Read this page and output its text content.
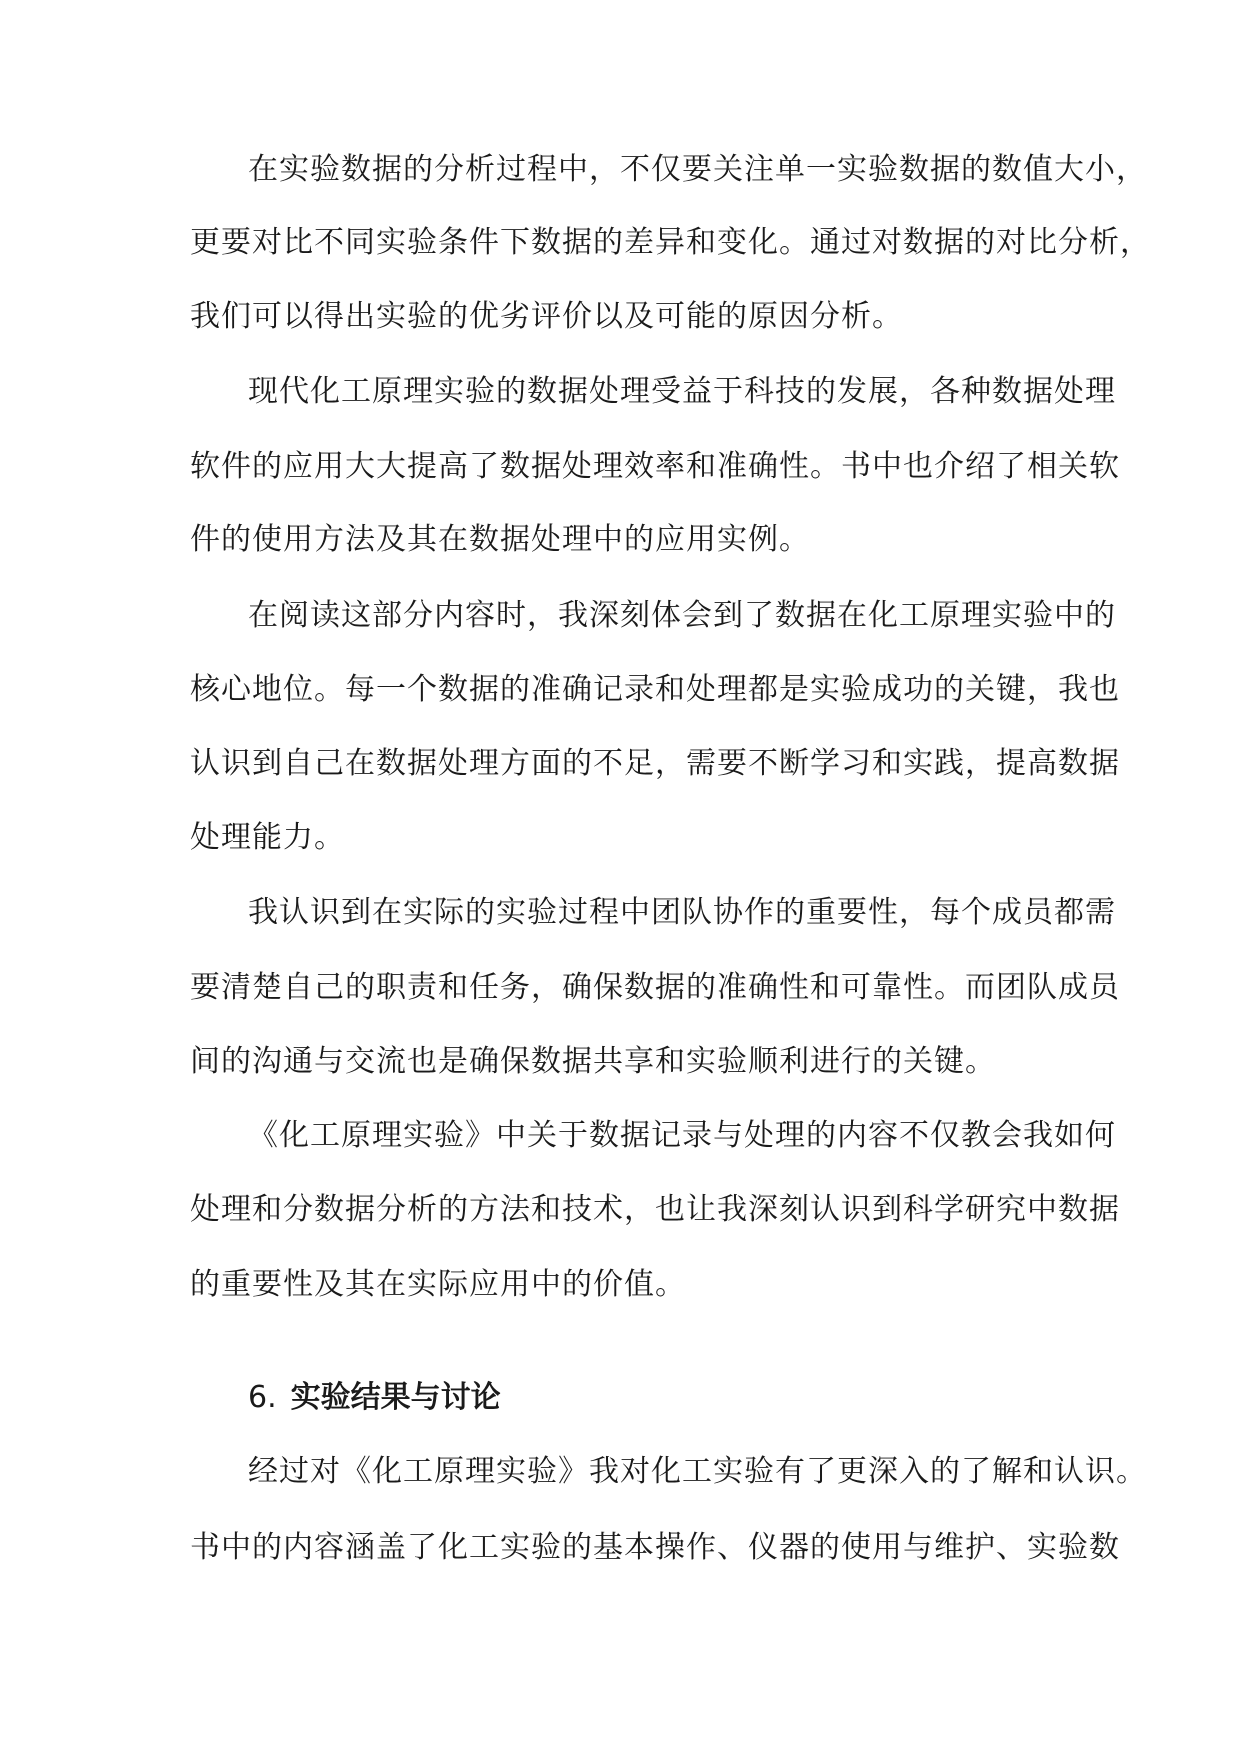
在实验数据的分析过程中，不仅要关注单一实验数据的数值大小，
更要对比不同实验条件下数据的差异和变化。通过对数据的对比分析，
我们可以得出实验的优劣评价以及可能的原因分析。
现代化工原理实验的数据处理受益于科技的发展，各种数据处理
软件的应用大大提高了数据处理效率和准确性。书中也介绍了相关软
件的使用方法及其在数据处理中的应用实例。
在阅读这部分内容时，我深刻体会到了数据在化工原理实验中的
核心地位。每一个数据的准确记录和处理都是实验成功的关键，我也
认识到自己在数据处理方面的不足，需要不断学习和实践，提高数据
处理能力。
我认识到在实际的实验过程中团队协作的重要性，每个成员都需
要清楚自己的职责和任务，确保数据的准确性和可靠性。而团队成员
间的沟通与交流也是确保数据共享和实验顺利进行的关键。
《化工原理实验》中关于数据记录与处理的内容不仅教会我如何
处理和分数据分析的方法和技术，也让我深刻认识到科学研究中数据
的重要性及其在实际应用中的价值。
6. 实验结果与讨论
经过对《化工原理实验》我对化工实验有了更深入的了解和认识。
书中的内容涵盖了化工实验的基本操作、仪器的使用与维护、实验数
